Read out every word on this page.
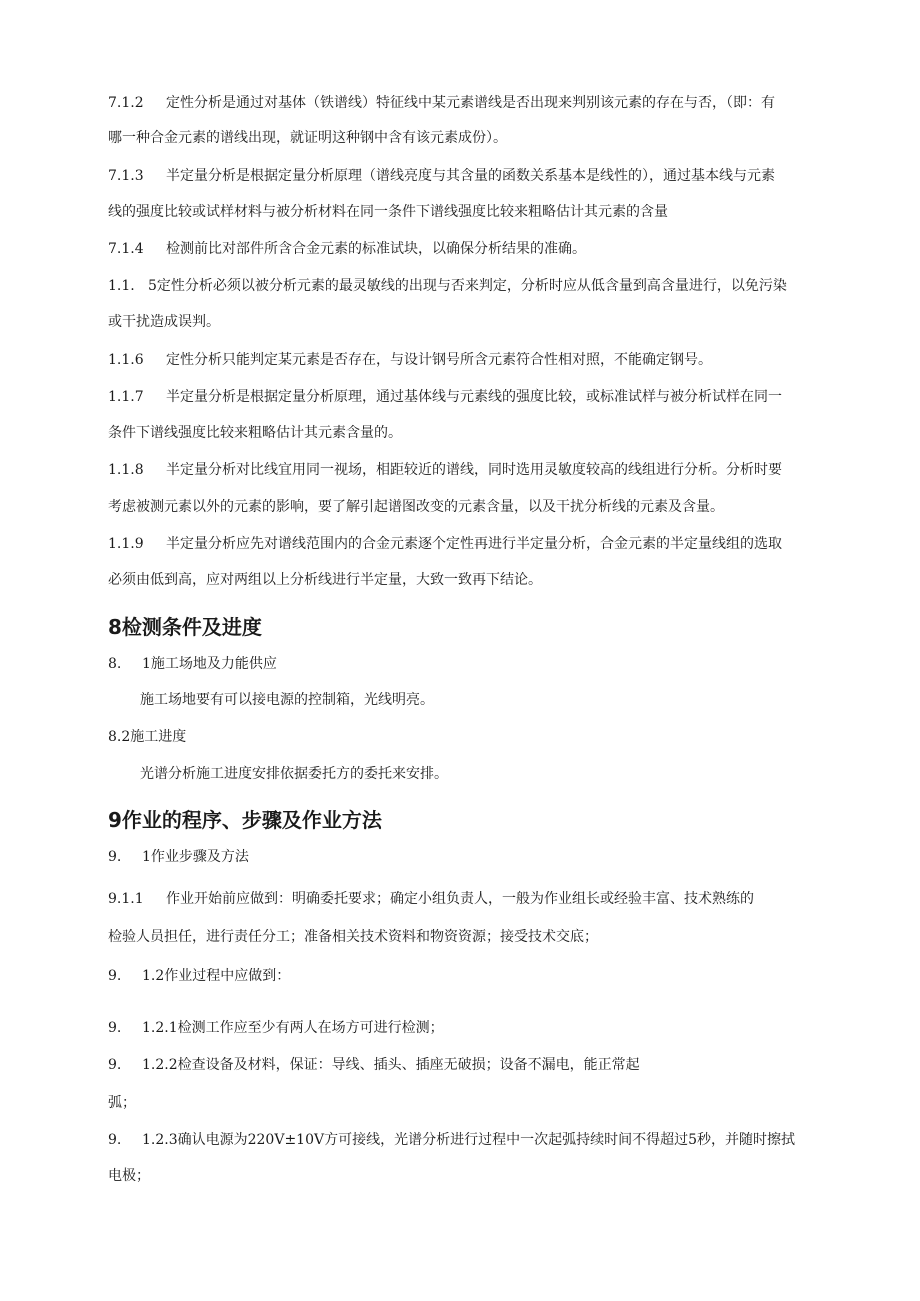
7.1.2 定性分析是通过对基体（铁谱线）特征线中某元素谱线是否出现来判别该元素的存在与否，（即：有
哪一种合金元素的谱线出现，就证明这种钢中含有该元素成份）。
7.1.3 半定量分析是根据定量分析原理（谱线亮度与其含量的函数关系基本是线性的），通过基本线与元素
线的强度比较或试样材料与被分析材料在同一条件下谱线强度比较来粗略估计其元素的含量
7.1.4 检测前比对部件所含合金元素的标准试块，以确保分析结果的准确。
1.1. 5定性分析必须以被分析元素的最灵敏线的出现与否来判定，分析时应从低含量到高含量进行，以免污染
或干扰造成误判。
1.1.6 定性分析只能判定某元素是否存在，与设计钢号所含元素符合性相对照，不能确定钢号。
1.1.7 半定量分析是根据定量分析原理，通过基体线与元素线的强度比较，或标准试样与被分析试样在同一
条件下谱线强度比较来粗略估计其元素含量的。
1.1.8 半定量分析对比线宜用同一视场，相距较近的谱线，同时选用灵敏度较高的线组进行分析。分析时要
考虑被测元素以外的元素的影响，要了解引起谱图改变的元素含量，以及干扰分析线的元素及含量。
1.1.9 半定量分析应先对谱线范围内的合金元素逐个定性再进行半定量分析，合金元素的半定量线组的选取
必须由低到高，应对两组以上分析线进行半定量，大致一致再下结论。
8检测条件及进度
8. 1施工场地及力能供应
施工场地要有可以接电源的控制箱，光线明亮。
8.2施工进度
光谱分析施工进度安排依据委托方的委托来安排。
9作业的程序、步骤及作业方法
9. 1作业步骤及方法
9.1.1 作业开始前应做到：明确委托要求；确定小组负责人，一般为作业组长或经验丰富、技术熟练的
检验人员担任，进行责任分工；准备相关技术资料和物资资源；接受技术交底；
9. 1.2作业过程中应做到：
9. 1.2.1检测工作应至少有两人在场方可进行检测；
9. 1.2.2检查设备及材料，保证：导线、插头、插座无破损；设备不漏电，能正常起
弧；
9. 1.2.3确认电源为220V±10V方可接线，光谱分析进行过程中一次起弧持续时间不得超过5秒，并随时擦拭
电极；
